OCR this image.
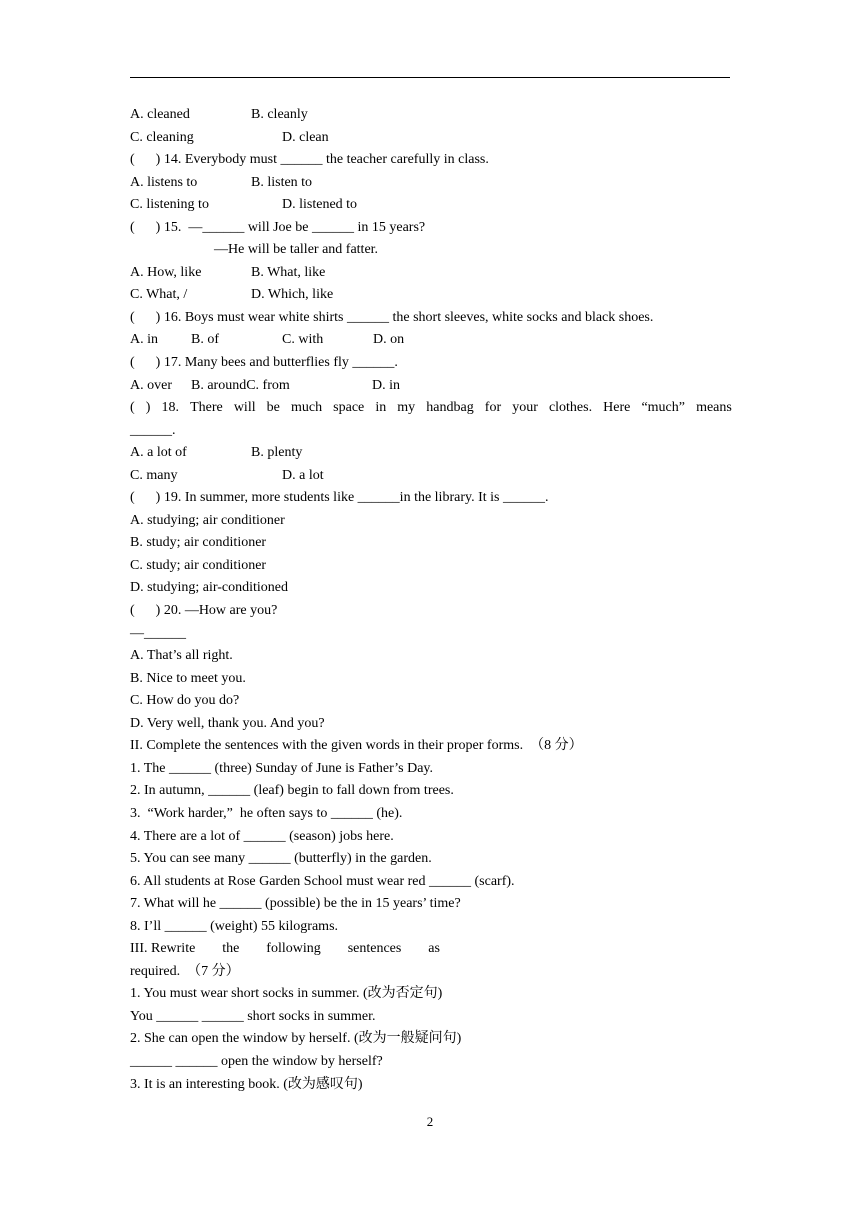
A. cleaned	B. cleanly
C. cleaning	D. clean
(      ) 14. Everybody must ______ the teacher carefully in class.
A. listens to	B. listen to
C. listening to	D. listened to
(      ) 15.  —______ will Joe be ______ in 15 years?
—He will be taller and fatter.
A. How, like	B. What, like
C. What, /	D. Which, like
(      ) 16. Boys must wear white shirts ______ the short sleeves, white socks and black shoes.
A. in	B. of	C. with	D. on
(      ) 17. Many bees and butterflies fly ______.
A. over	B. aroundC. from	D. in
( ) 18. There will be much space in my handbag for your clothes. Here “much” means
______.
A. a lot of	B. plenty
C. many	D. a lot
(      ) 19. In summer, more students like ______in the library. It is ______.
A. studying; air conditioner
B. study; air conditioner
C. study; air conditioner
D. studying; air-conditioned
(      ) 20. —How are you?
—______
A. That’s all right.
B. Nice to meet you.
C. How do you do?
D. Very well, thank you. And you?
II. Complete the sentences with the given words in their proper forms.  （8 分）
1. The ______ (three) Sunday of June is Father’s Day.
2. In autumn, ______ (leaf) begin to fall down from trees.
3.  “Work harder,”  he often says to ______ (he).
4. There are a lot of ______ (season) jobs here.
5. You can see many ______ (butterfly) in the garden.
6. All students at Rose Garden School must wear red ______ (scarf).
7. What will he ______ (possible) be the in 15 years’ time?
8. I’ll ______ (weight) 55 kilograms.
III. Rewrite the following sentences as
required.  （7 分）
1. You must wear short socks in summer. (改为否定句)
You ______ ______ short socks in summer.
2. She can open the window by herself. (改为一般疑问句)
______ ______ open the window by herself?
3. It is an interesting book. (改为感叹句)
2
